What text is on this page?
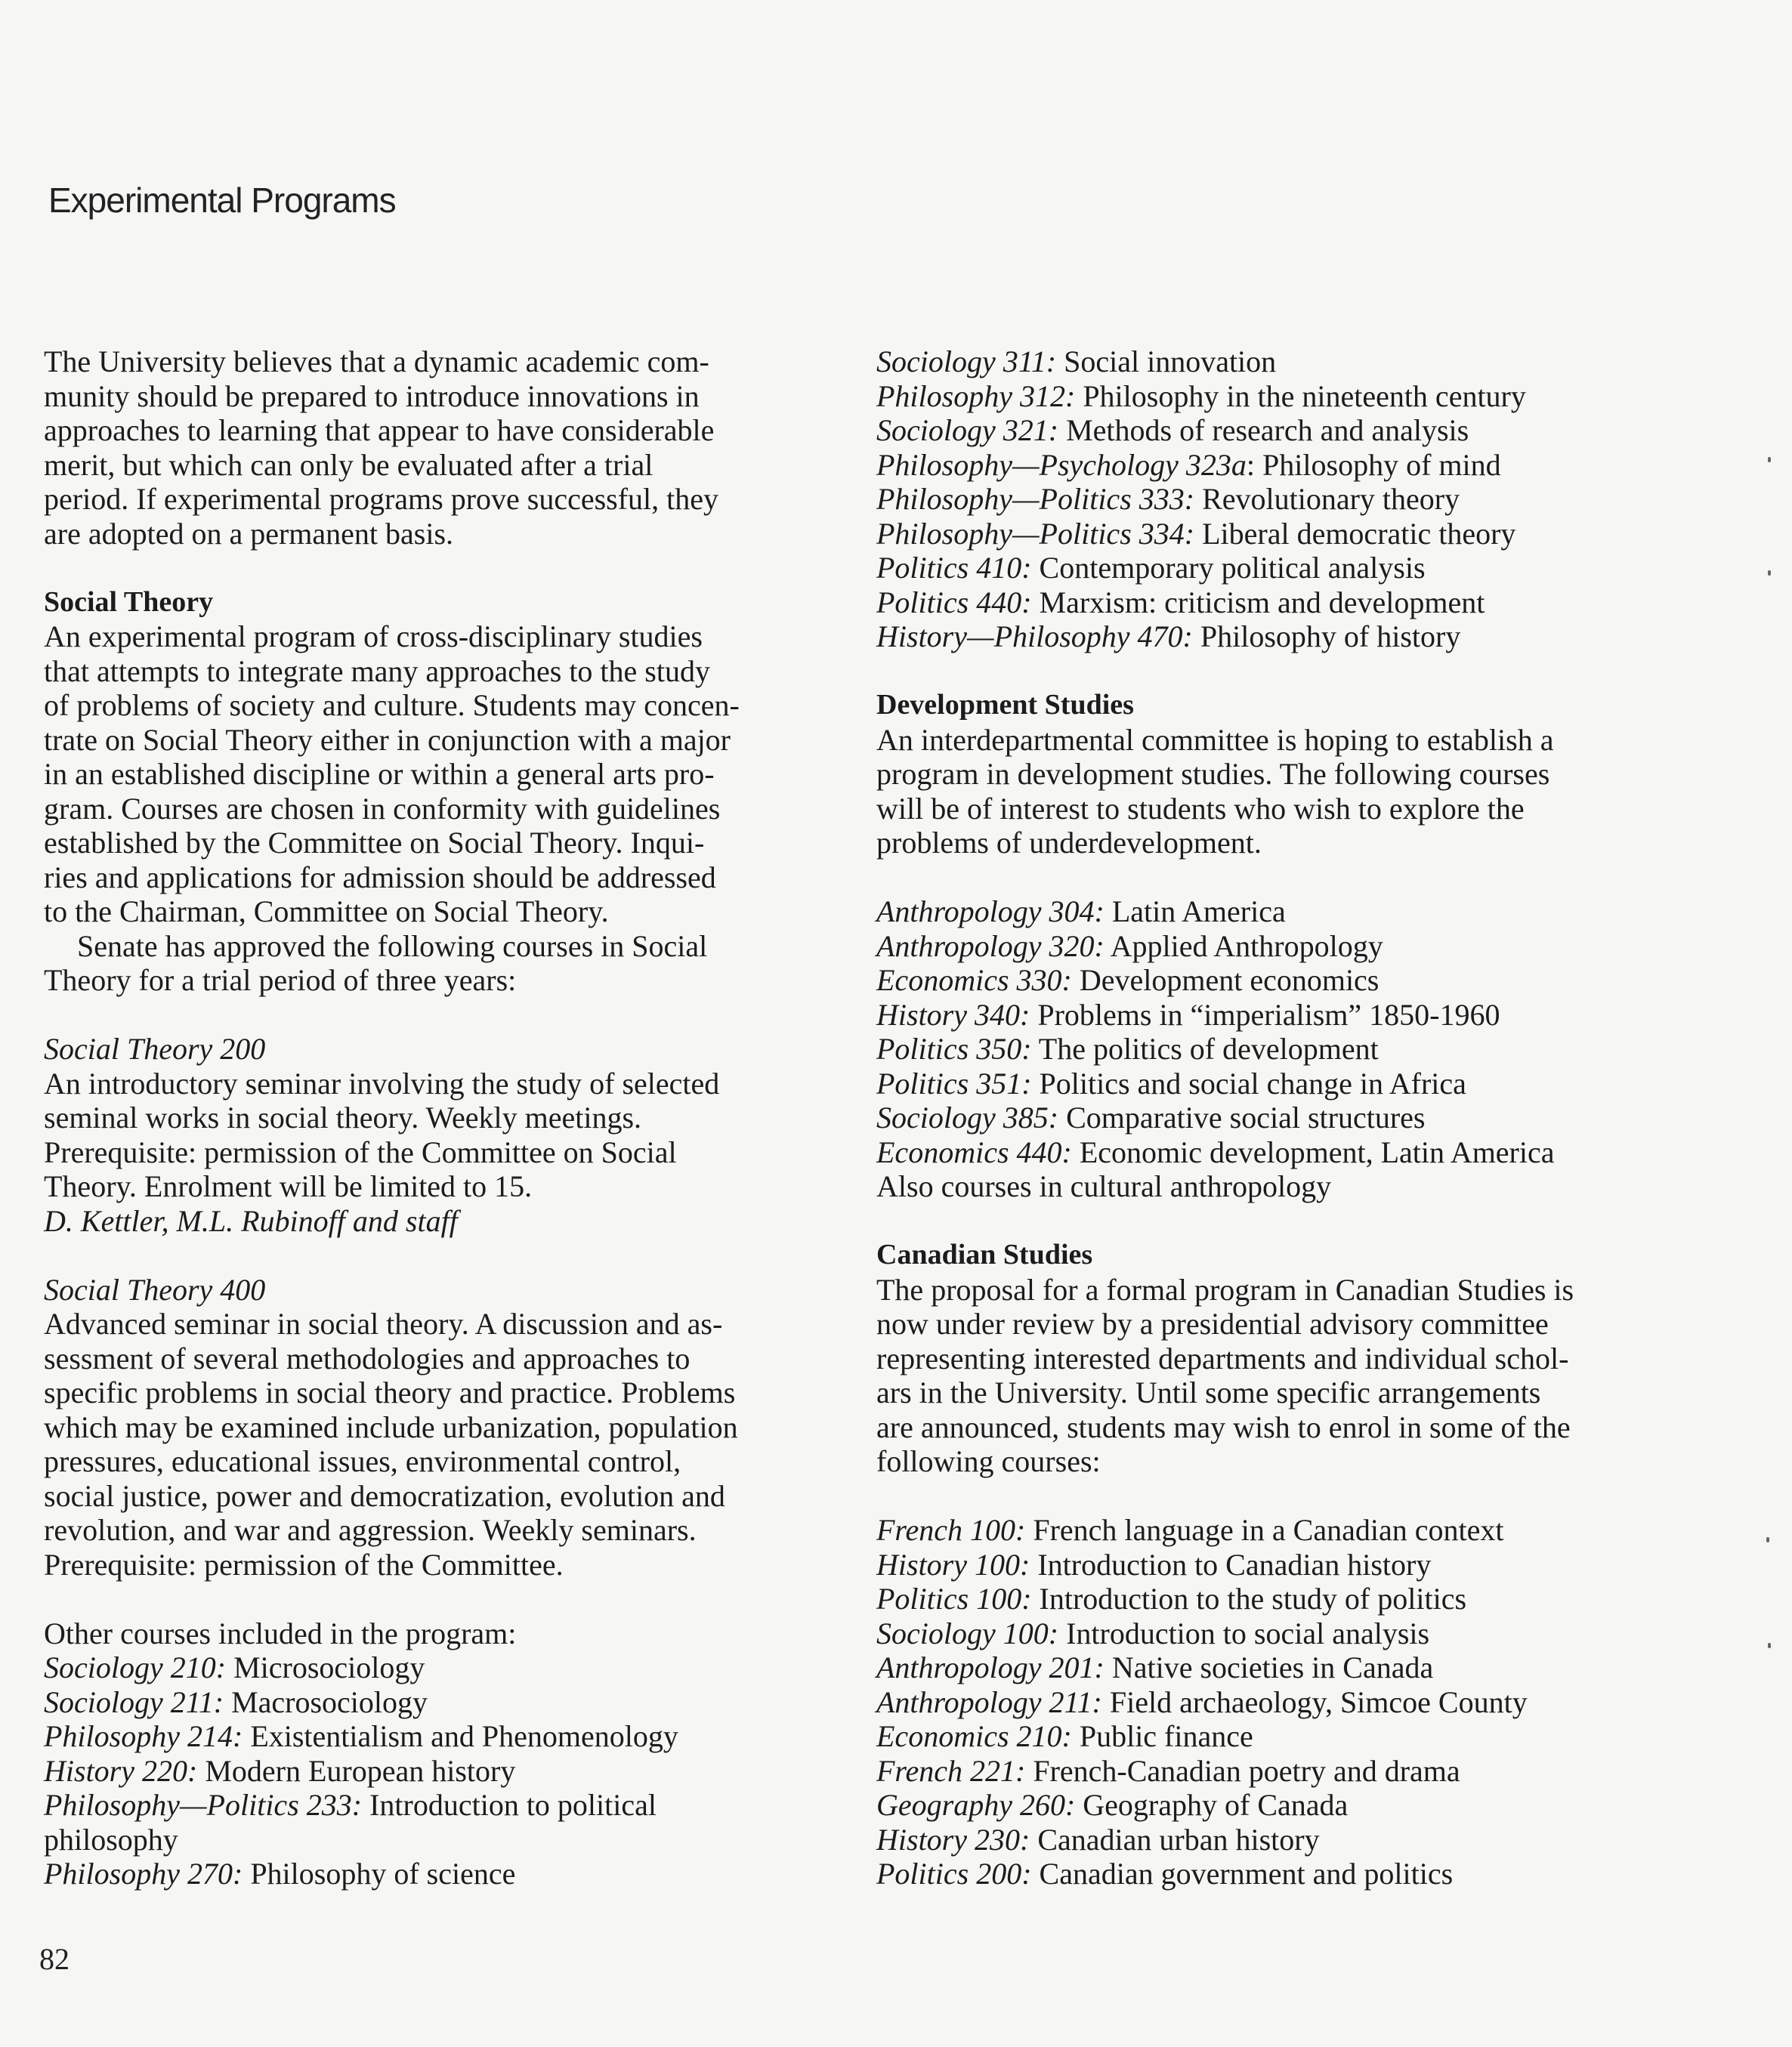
Experimental Programs
The University believes that a dynamic academic com-
munity should be prepared to introduce innovations in
approaches to learning that appear to have considerable
merit, but which can only be evaluated after a trial
period. If experimental programs prove successful, they
are adopted on a permanent basis.
Social Theory
An experimental program of cross-disciplinary studies
that attempts to integrate many approaches to the study
of problems of society and culture. Students may concen-
trate on Social Theory either in conjunction with a major
in an established discipline or within a general arts pro-
gram. Courses are chosen in conformity with guidelines
established by the Committee on Social Theory. Inqui-
ries and applications for admission should be addressed
to the Chairman, Committee on Social Theory.
Senate has approved the following courses in Social
Theory for a trial period of three years:
Social Theory 200
An introductory seminar involving the study of selected
seminal works in social theory. Weekly meetings.
Prerequisite: permission of the Committee on Social
Theory. Enrolment will be limited to 15.
D. Kettler, M.L. Rubinoff and staff
Social Theory 400
Advanced seminar in social theory. A discussion and as-
sessment of several methodologies and approaches to
specific problems in social theory and practice. Problems
which may be examined include urbanization, population
pressures, educational issues, environmental control,
social justice, power and democratization, evolution and
revolution, and war and aggression. Weekly seminars.
Prerequisite: permission of the Committee.
Other courses included in the program:
Sociology 210: Microsociology
Sociology 211: Macrosociology
Philosophy 214: Existentialism and Phenomenology
History 220: Modern European history
Philosophy—Politics 233: Introduction to political
philosophy
Philosophy 270: Philosophy of science
Sociology 311: Social innovation
Philosophy 312: Philosophy in the nineteenth century
Sociology 321: Methods of research and analysis
Philosophy—Psychology 323a: Philosophy of mind
Philosophy—Politics 333: Revolutionary theory
Philosophy—Politics 334: Liberal democratic theory
Politics 410: Contemporary political analysis
Politics 440: Marxism: criticism and development
History—Philosophy 470: Philosophy of history
Development Studies
An interdepartmental committee is hoping to establish a
program in development studies. The following courses
will be of interest to students who wish to explore the
problems of underdevelopment.
Anthropology 304: Latin America
Anthropology 320: Applied Anthropology
Economics 330: Development economics
History 340: Problems in “imperialism” 1850-1960
Politics 350: The politics of development
Politics 351: Politics and social change in Africa
Sociology 385: Comparative social structures
Economics 440: Economic development, Latin America
Also courses in cultural anthropology
Canadian Studies
The proposal for a formal program in Canadian Studies is
now under review by a presidential advisory committee
representing interested departments and individual schol-
ars in the University. Until some specific arrangements
are announced, students may wish to enrol in some of the
following courses:
French 100: French language in a Canadian context
History 100: Introduction to Canadian history
Politics 100: Introduction to the study of politics
Sociology 100: Introduction to social analysis
Anthropology 201: Native societies in Canada
Anthropology 211: Field archaeology, Simcoe County
Economics 210: Public finance
French 221: French-Canadian poetry and drama
Geography 260: Geography of Canada
History 230: Canadian urban history
Politics 200: Canadian government and politics
82
